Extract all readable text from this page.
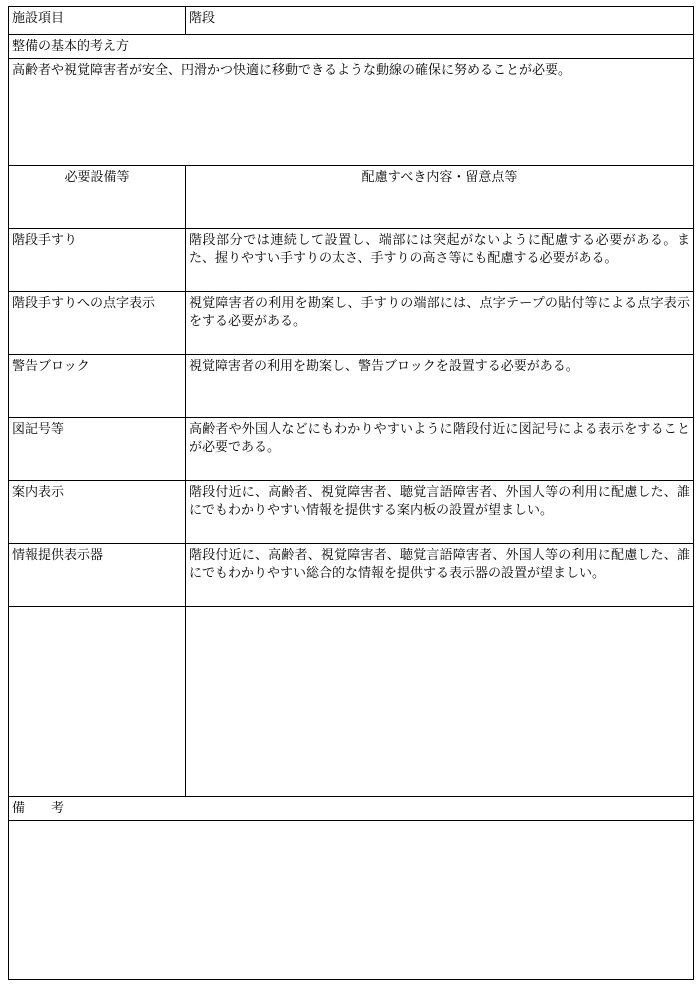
施設項目	階段
整備の基本的考え方
高齢者や視覚障害者が安全、円滑かつ快適に移動できるような動線の確保に努めることが必要。
必要設備等	配慮すべき内容・留意点等
階段手すり	階段部分では連続して設置し、端部には突起がないように配慮する必要がある。また、握りやすい手すりの太さ、手すりの高さ等にも配慮する必要がある。
階段手すりへの点字表示	視覚障害者の利用を勘案し、手すりの端部には、点字テープの貼付等による点字表示をする必要がある。
警告ブロック	視覚障害者の利用を勘案し、警告ブロックを設置する必要がある。
図記号等	高齢者や外国人などにもわかりやすいように階段付近に図記号による表示をすることが必要である。
案内表示	階段付近に、高齢者、視覚障害者、聴覚言語障害者、外国人等の利用に配慮した、誰にでもわかりやすい情報を提供する案内板の設置が望ましい。
情報提供表示器	階段付近に、高齢者、視覚障害者、聴覚言語障害者、外国人等の利用に配慮した、誰にでもわかりやすい総合的な情報を提供する表示器の設置が望ましい。
備　　考
